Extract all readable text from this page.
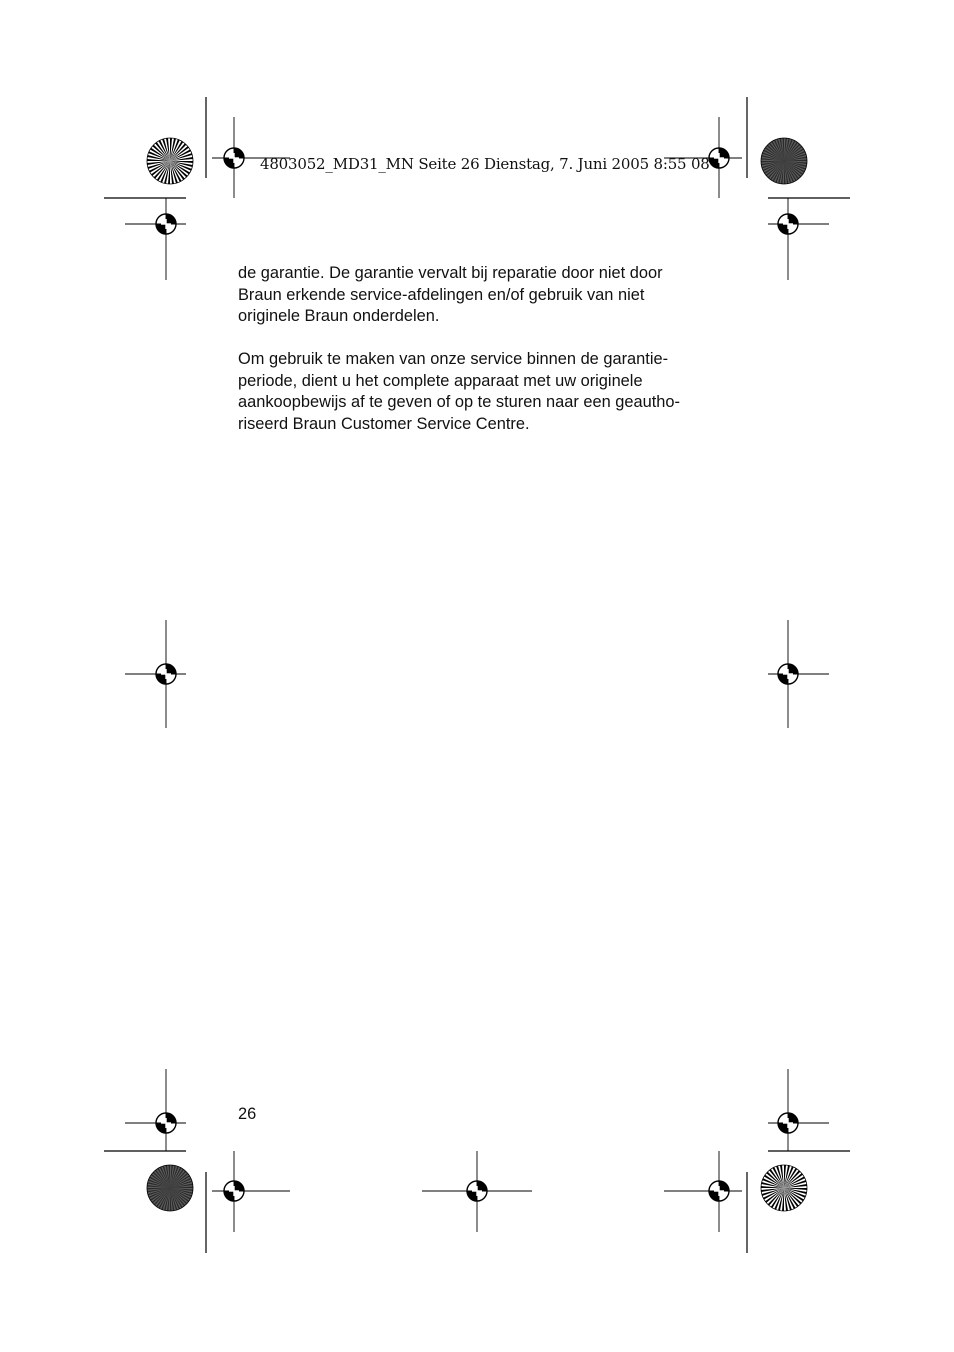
4803052_MD31_MN Seite 26 Dienstag, 7. Juni 2005 8:55 08
de garantie. De garantie vervalt bij reparatie door niet door
Braun erkende service-afdelingen en/of gebruik van niet
originele Braun onderdelen.
Om gebruik te maken van onze service binnen de garantie-
periode, dient u het complete apparaat met uw originele
aankoopbewijs af te geven of op te sturen naar een geautho-
riseerd Braun Customer Service Centre.
26
